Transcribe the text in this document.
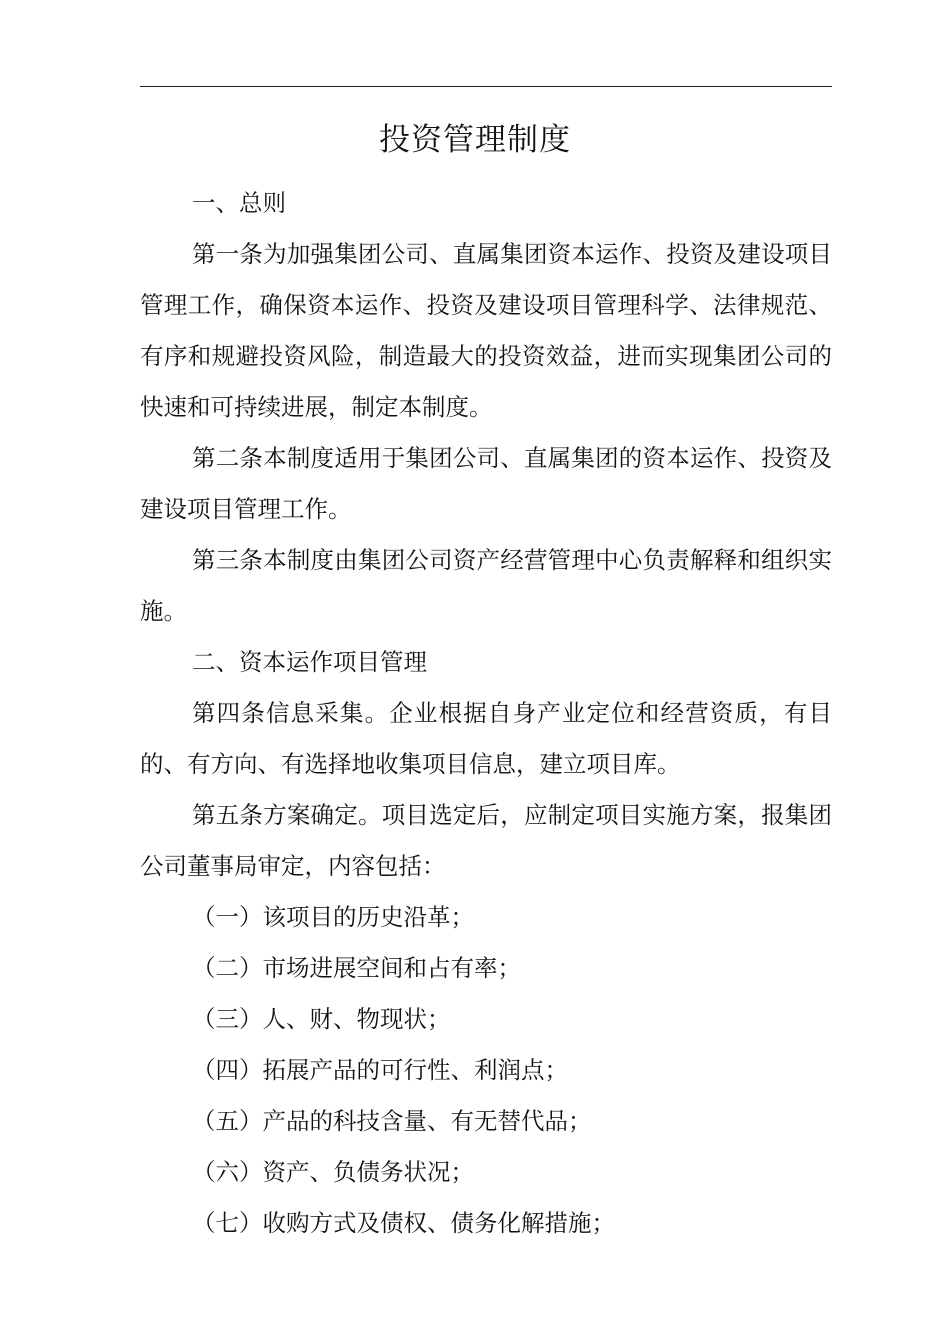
投资管理制度

一、总则

第一条为加强集团公司、直属集团资本运作、投资及建设项目管理工作，确保资本运作、投资及建设项目管理科学、法律规范、有序和规避投资风险，制造最大的投资效益，进而实现集团公司的快速和可持续进展，制定本制度。

第二条本制度适用于集团公司、直属集团的资本运作、投资及建设项目管理工作。

第三条本制度由集团公司资产经营管理中心负责解释和组织实施。

二、资本运作项目管理

第四条信息采集。企业根据自身产业定位和经营资质，有目的、有方向、有选择地收集项目信息，建立项目库。

第五条方案确定。项目选定后，应制定项目实施方案，报集团公司董事局审定，内容包括：

（一）该项目的历史沿革；

（二）市场进展空间和占有率；

（三）人、财、物现状；

（四）拓展产品的可行性、利润点；

（五）产品的科技含量、有无替代品；

（六）资产、负债务状况；

（七）收购方式及债权、债务化解措施；
